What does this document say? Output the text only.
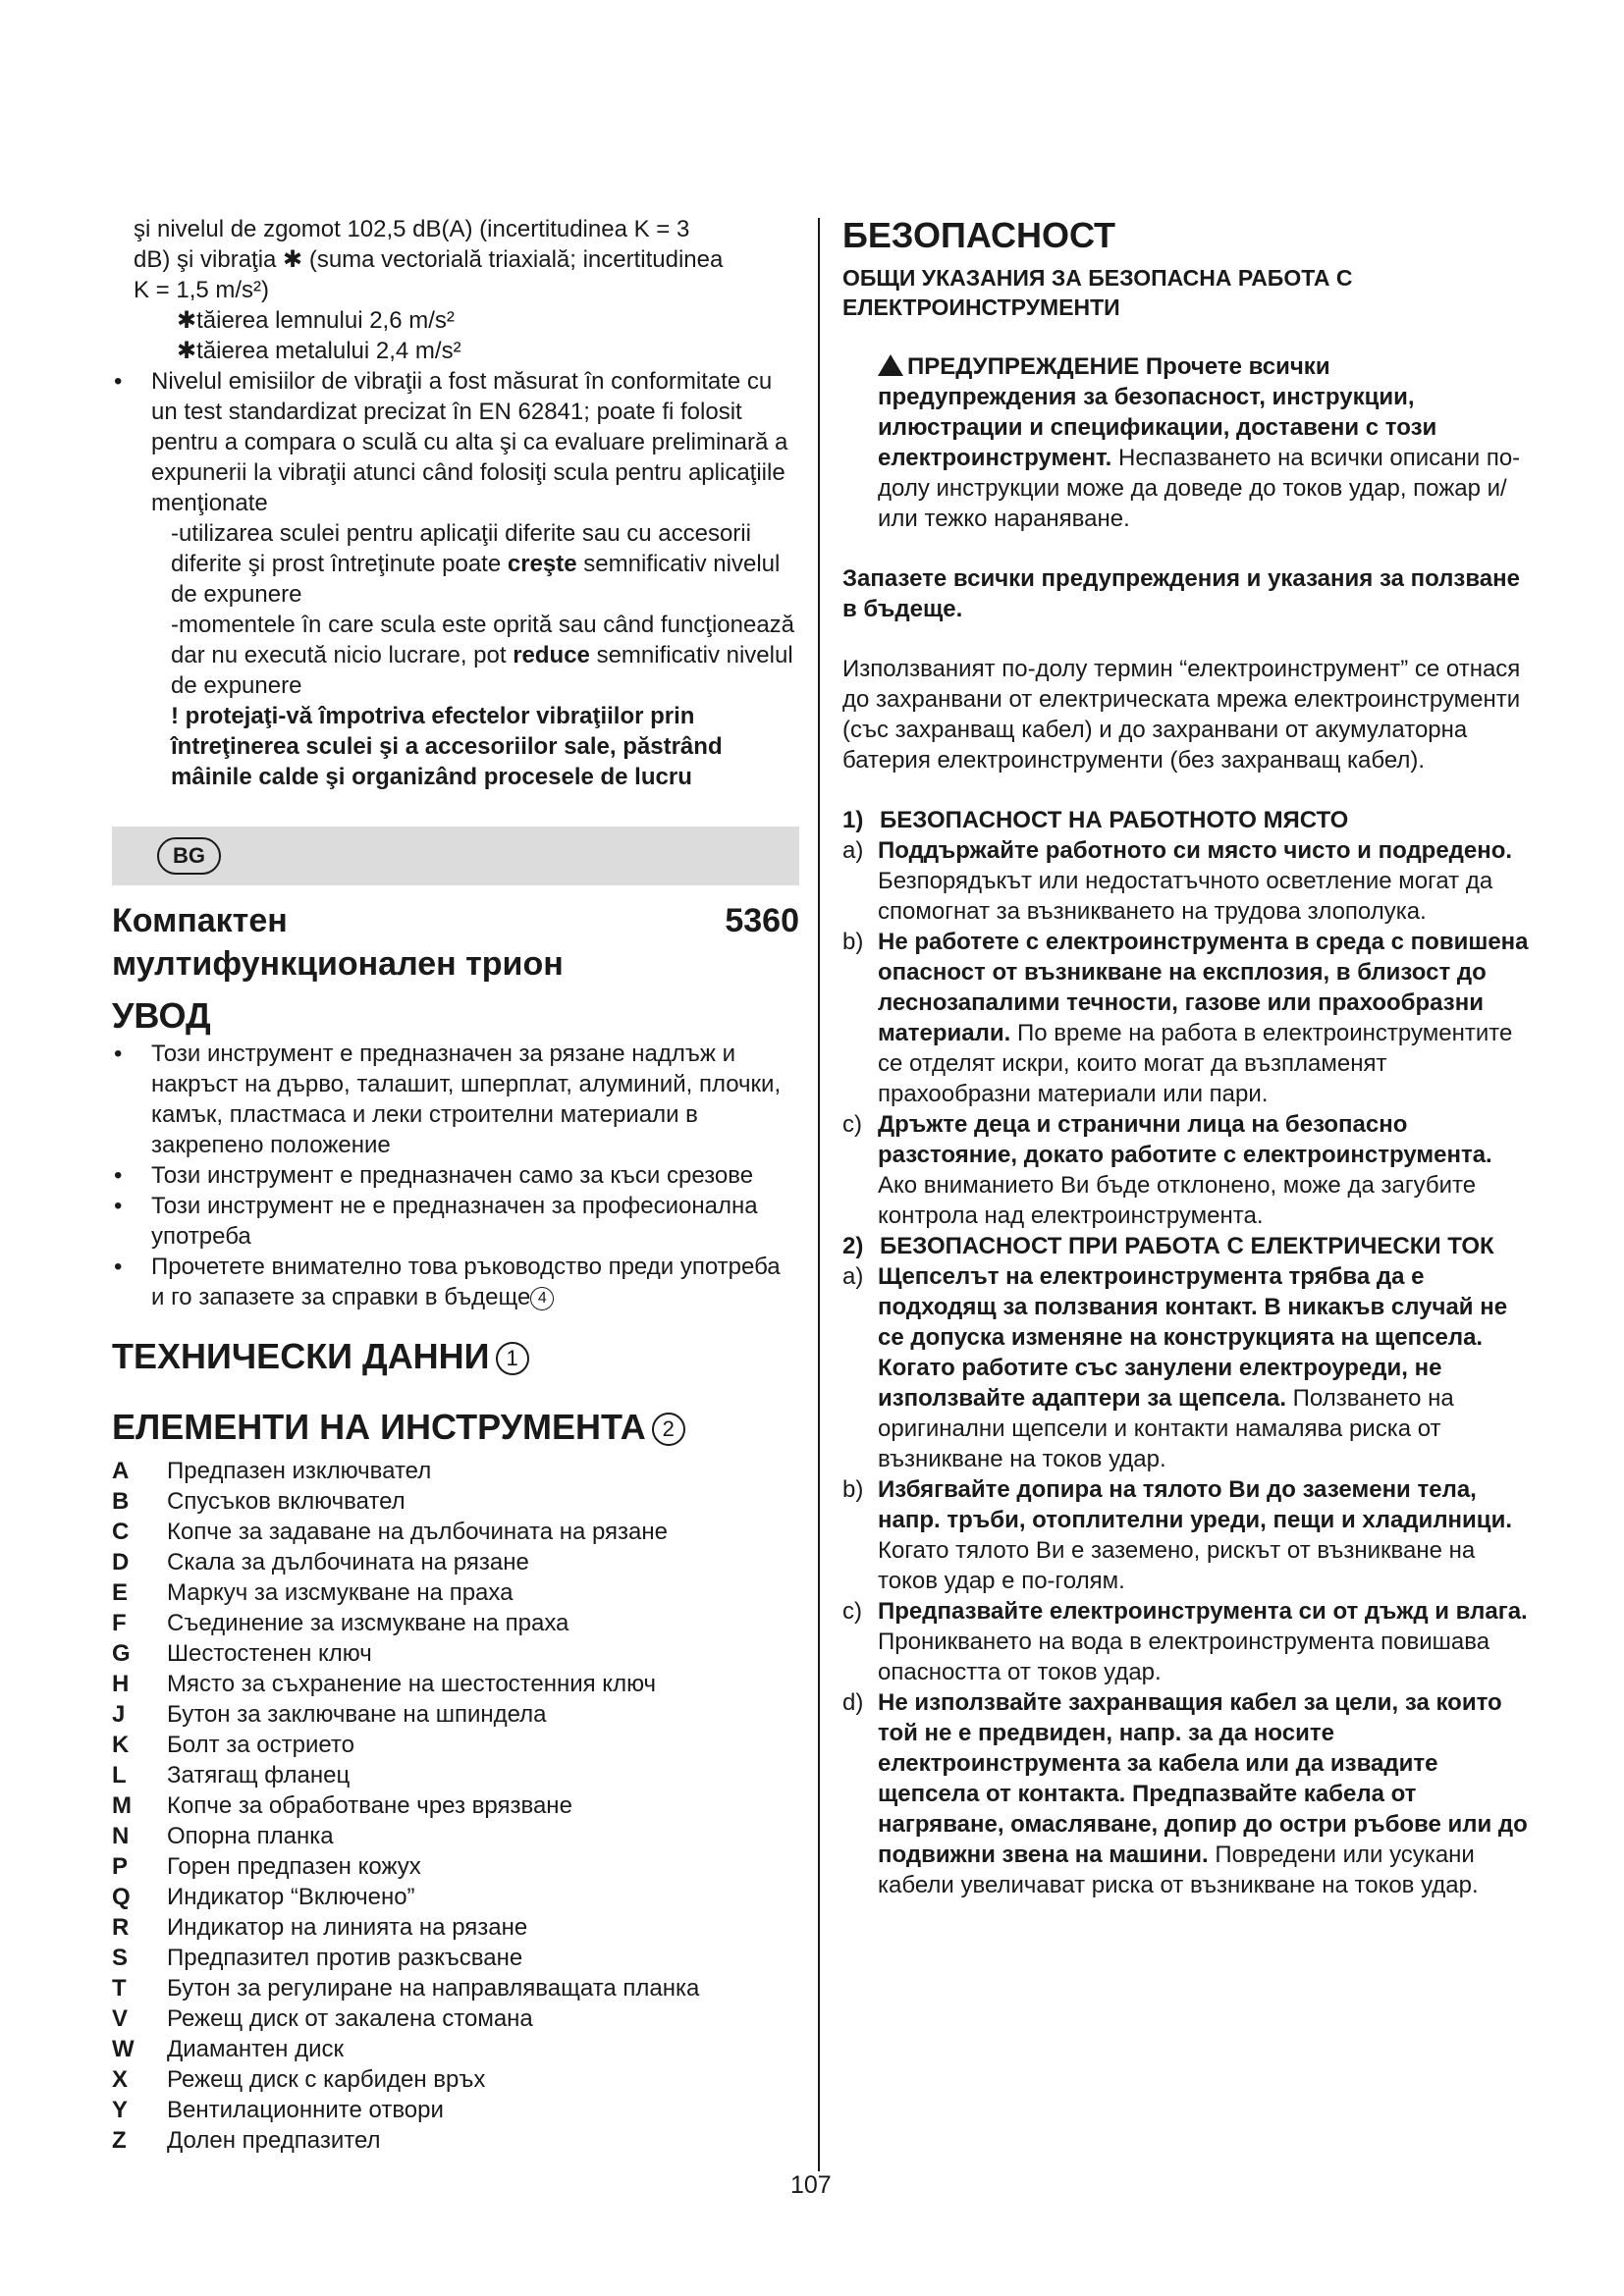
şi nivelul de zgomot 102,5 dB(A) (incertitudinea K = 3

dB) şi vibraţia ✱ (suma vectorială triaxială; incertitudinea

K = 1,5 m/s²)

✱tăierea lemnului 2,6 m/s²

✱tăierea metalului 2,4 m/s²

• Nivelul emisiilor de vibraţii a fost măsurat în conformitate cu un test standardizat precizat în EN 62841; poate fi folosit pentru a compara o sculă cu alta şi ca evaluare preliminară a expunerii la vibraţii atunci când folosiţi scula pentru aplicaţiile menţionate

-utilizarea sculei pentru aplicaţii diferite sau cu accesorii diferite şi prost întreţinute poate creşte semnificativ nivelul de expunere

-momentele în care scula este oprită sau când funcţionează dar nu execută nicio lucrare, pot reduce semnificativ nivelul de expunere

! protejaţi-vă împotriva efectelor vibraţiilor prin întreţinerea sculei şi a accesoriilor sale, păstrând mâinile calde şi organizând procesele de lucru

BG
Компактен
мултифункционален трион
5360
УВОД

• Този инструмент е предназначен за рязане надлъж и накръст на дърво, талашит, шперплат, алуминий, плочки, камък, пластмаса и леки строителни материали в закрепено положение

• Този инструмент е предназначен само за къси срезове

• Този инструмент не е предназначен за професионална употреба

• Прочетете внимателно това ръководство преди употреба и го запазете за справки в бъдеще 4

ТЕХНИЧЕСКИ ДАННИ 1
ЕЛЕМЕНТИ НА ИНСТРУМЕНТА 2
A	Предпазен изключвател
B	Спусъков включвател
C	Копче за задаване на дълбочината на рязане
D	Скала за дълбочината на рязане
E	Маркуч за изсмукване на праха
F	Съединение за изсмукване на праха
G	Шестостенен ключ
H	Място за съхранение на шестостенния ключ
J	Бутон за заключване на шпиндела
K	Болт за острието
L	Затягащ фланец
M	Копче за обработване чрез врязване
N	Опорна планка
P	Горен предпазен кожух
Q	Индикатор “Включено”
R	Индикатор на линията на рязане
S	Предпазител против разкъсване
T	Бутон за регулиране на направляващата планка
V	Режещ диск от закалена стомана
W	Диамантен диск
X	Режещ диск с карбиден връх
Y	Вентилационните отвори
Z	Долен предпазител
БЕЗОПАСНОСТ
ОБЩИ УКАЗАНИЯ ЗА БЕЗОПАСНА РАБОТА С ЕЛЕКТРОИНСТРУМЕНТИ

ПРЕДУПРЕЖДЕНИЕ Прочете всички предупреждения за безопасност, инструкции, илюстрации и спецификации, доставени с този електроинструмент. Неспазването на всички описани по-долу инструкции може да доведе до токов удар, пожар и/или тежко нараняване.

Запазете всички предупреждения и указания за ползване в бъдеще.

Използваният по-долу термин “електроинструмент” се отнася до захранвани от електрическата мрежа електроинструменти (със захранващ кабел) и до захранвани от акумулаторна батерия електроинструменти (без захранващ кабел).

1) БЕЗОПАСНОСТ НА РАБОТНОТО МЯСТО

a) Поддържайте работното си място чисто и подредено. Безпорядъкът или недостатъчното осветление могат да спомогнат за възникването на трудова злополука.

b) Не работете с електроинструмента в среда с повишена опасност от възникване на експлозия, в близост до леснозапалими течности, газове или прахообразни материали. По време на работа в електроинструментите се отделят искри, които могат да възпламенят прахообразни материали или пари.

c) Дръжте деца и странични лица на безопасно разстояние, докато работите с електроинструмента. Ако вниманието Ви бъде отклонено, може да загубите контрола над електроинструмента.

2) БЕЗОПАСНОСТ ПРИ РАБОТА С ЕЛЕКТРИЧЕСКИ ТОК

a) Щепселът на електроинструмента трябва да е подходящ за ползвания контакт. В никакъв случай не се допуска изменяне на конструкцията на щепсела. Когато работите със занулени електроуреди, не използвайте адаптери за щепсела. Ползването на оригинални щепсели и контакти намалява риска от възникване на токов удар.

b) Избягвайте допира на тялото Ви до заземени тела, напр. тръби, отоплителни уреди, пещи и хладилници. Когато тялото Ви е заземено, рискът от възникване на токов удар е по-голям.

c) Предпазвайте електроинструмента си от дъжд и влага. Проникването на вода в електроинструмента повишава опасността от токов удар.

d) Не използвайте захранващия кабел за цели, за които той не е предвиден, напр. за да носите електроинструмента за кабела или да извадите щепсела от контакта. Предпазвайте кабела от нагряване, омасляване, допир до остри ръбове или до подвижни звена на машини. Повредени или усукани кабели увеличават риска от възникване на токов удар.

107
